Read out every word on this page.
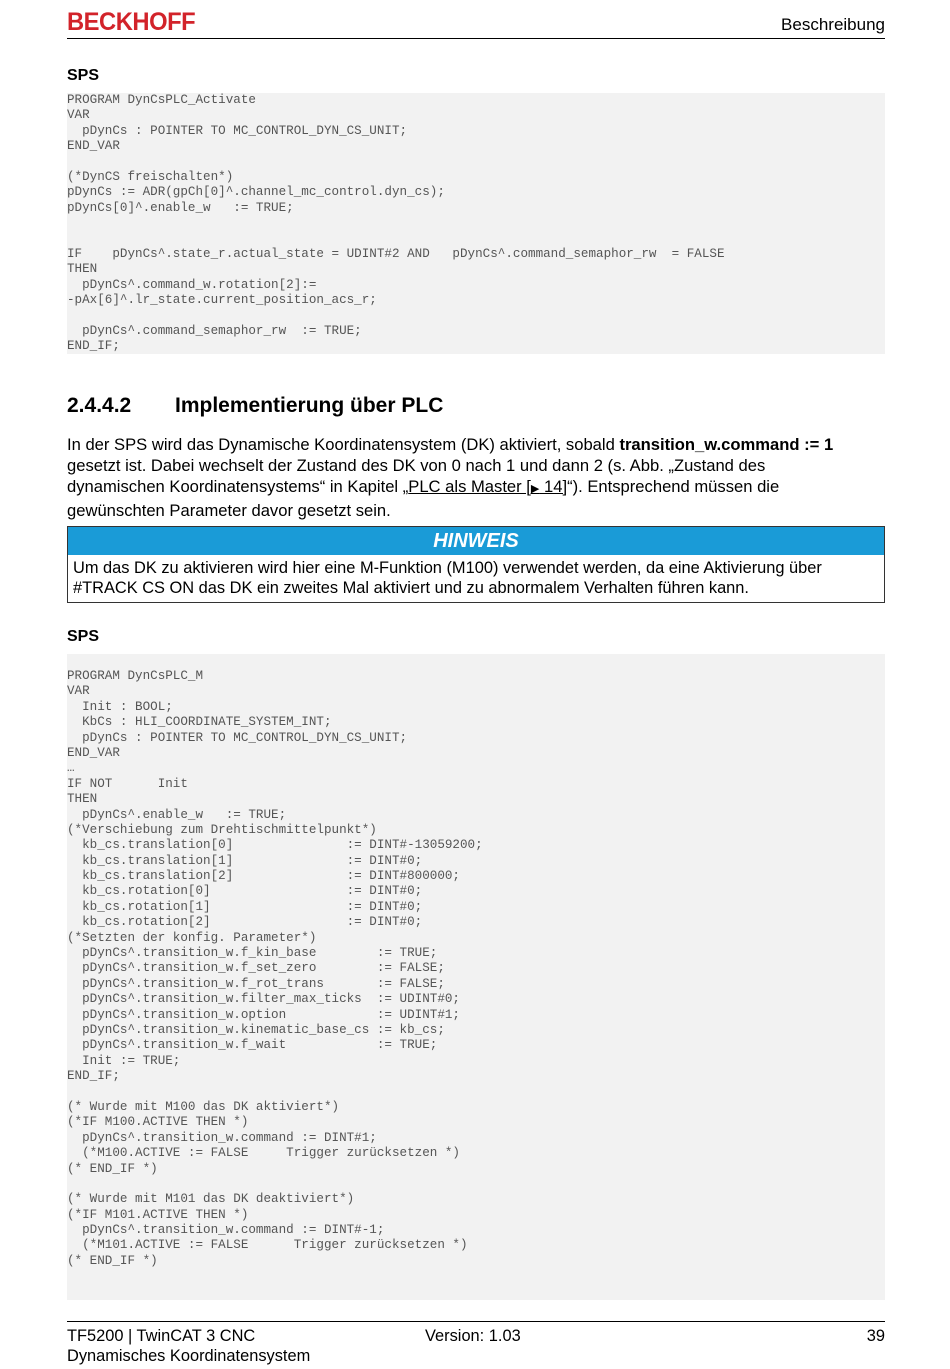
BECKHOFF	Beschreibung
SPS
PROGRAM DynCsPLC_Activate
VAR
pDynCs : POINTER TO MC_CONTROL_DYN_CS_UNIT;
END_VAR

(*DynCS freischalten*)
pDynCs := ADR(gpCh[0]^.channel_mc_control.dyn_cs);
pDynCs[0]^.enable_w   := TRUE;

IF    pDynCs^.state_r.actual_state = UDINT#2 AND   pDynCs^.command_semaphor_rw  = FALSE
THEN
pDynCs^.command_w.rotation[2]:=
-pAx[6]^.lr_state.current_position_acs_r;

pDynCs^.command_semaphor_rw  := TRUE;
END_IF;
2.4.4.2 Implementierung über PLC
In der SPS wird das Dynamische Koordinatensystem (DK) aktiviert, sobald transition_w.command := 1 gesetzt ist. Dabei wechselt der Zustand des DK von 0 nach 1 und dann 2 (s. Abb. „Zustand des dynamischen Koordinatensystems“ in Kapitel „PLC als Master [▶ 14]“). Entsprechend müssen die gewünschten Parameter davor gesetzt sein.
HINWEIS
Um das DK zu aktivieren wird hier eine M-Funktion (M100) verwendet werden, da eine Aktivierung über #TRACK CS ON das DK ein zweites Mal aktiviert und zu abnormalem Verhalten führen kann.
SPS
PROGRAM DynCsPLC_M
VAR
Init : BOOL;
KbCs : HLI_COORDINATE_SYSTEM_INT;
pDynCs : POINTER TO MC_CONTROL_DYN_CS_UNIT;
END_VAR
…
IF NOT      Init
THEN
pDynCs^.enable_w   := TRUE;
(*Verschiebung zum Drehtischmittelpunkt*)
kb_cs.translation[0]               := DINT#-13059200;
kb_cs.translation[1]               := DINT#0;
kb_cs.translation[2]               := DINT#800000;
kb_cs.rotation[0]                  := DINT#0;
kb_cs.rotation[1]                  := DINT#0;
kb_cs.rotation[2]                  := DINT#0;
(*Setzten der konfig. Parameter*)
pDynCs^.transition_w.f_kin_base        := TRUE;
pDynCs^.transition_w.f_set_zero        := FALSE;
pDynCs^.transition_w.f_rot_trans       := FALSE;
pDynCs^.transition_w.filter_max_ticks  := UDINT#0;
pDynCs^.transition_w.option            := UDINT#1;
pDynCs^.transition_w.kinematic_base_cs := kb_cs;
pDynCs^.transition_w.f_wait            := TRUE;
Init := TRUE;
END_IF;

(* Wurde mit M100 das DK aktiviert*)
(*IF M100.ACTIVE THEN *)
pDynCs^.transition_w.command := DINT#1;
(*M100.ACTIVE := FALSE     Trigger zurücksetzen *)
(* END_IF *)

(* Wurde mit M101 das DK deaktiviert*)
(*IF M101.ACTIVE THEN *)
pDynCs^.transition_w.command := DINT#-1;
(*M101.ACTIVE := FALSE      Trigger zurücksetzen *)
(* END_IF *)
TF5200 | TwinCAT 3 CNC
Dynamisches Koordinatensystem
Version: 1.03	39
